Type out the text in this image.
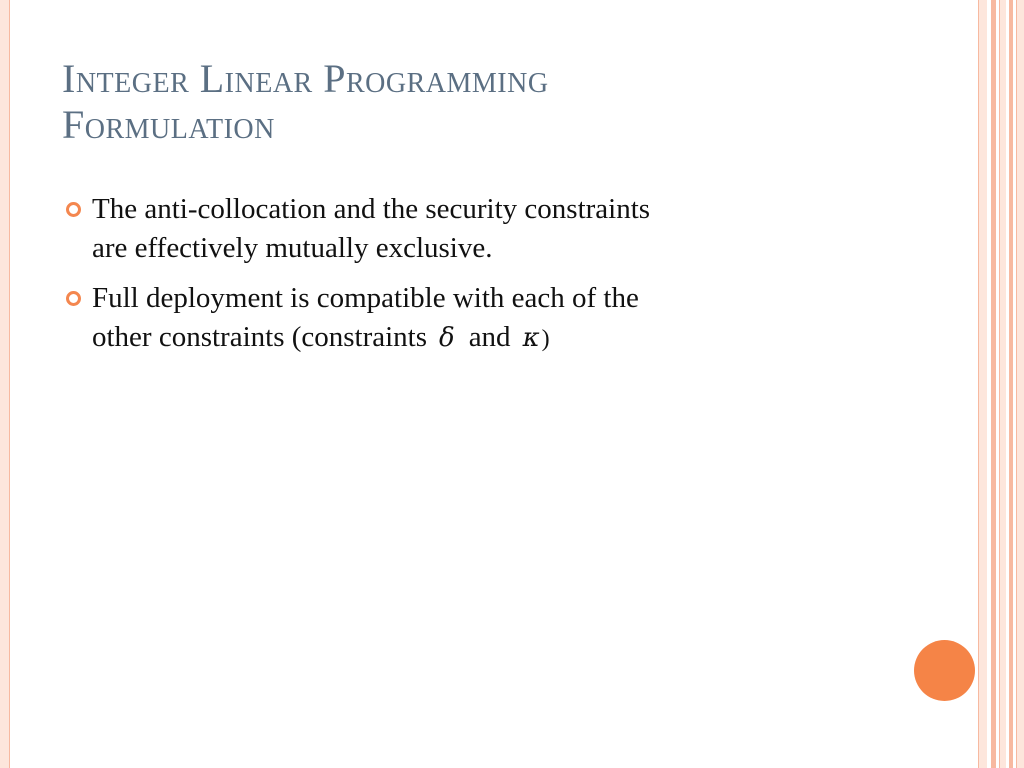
Integer Linear Programming
Formulation
The anti-collocation and the security constraints
are effectively mutually exclusive.
Full deployment is compatible with each of the
other constraints (constraints δ and κ)
